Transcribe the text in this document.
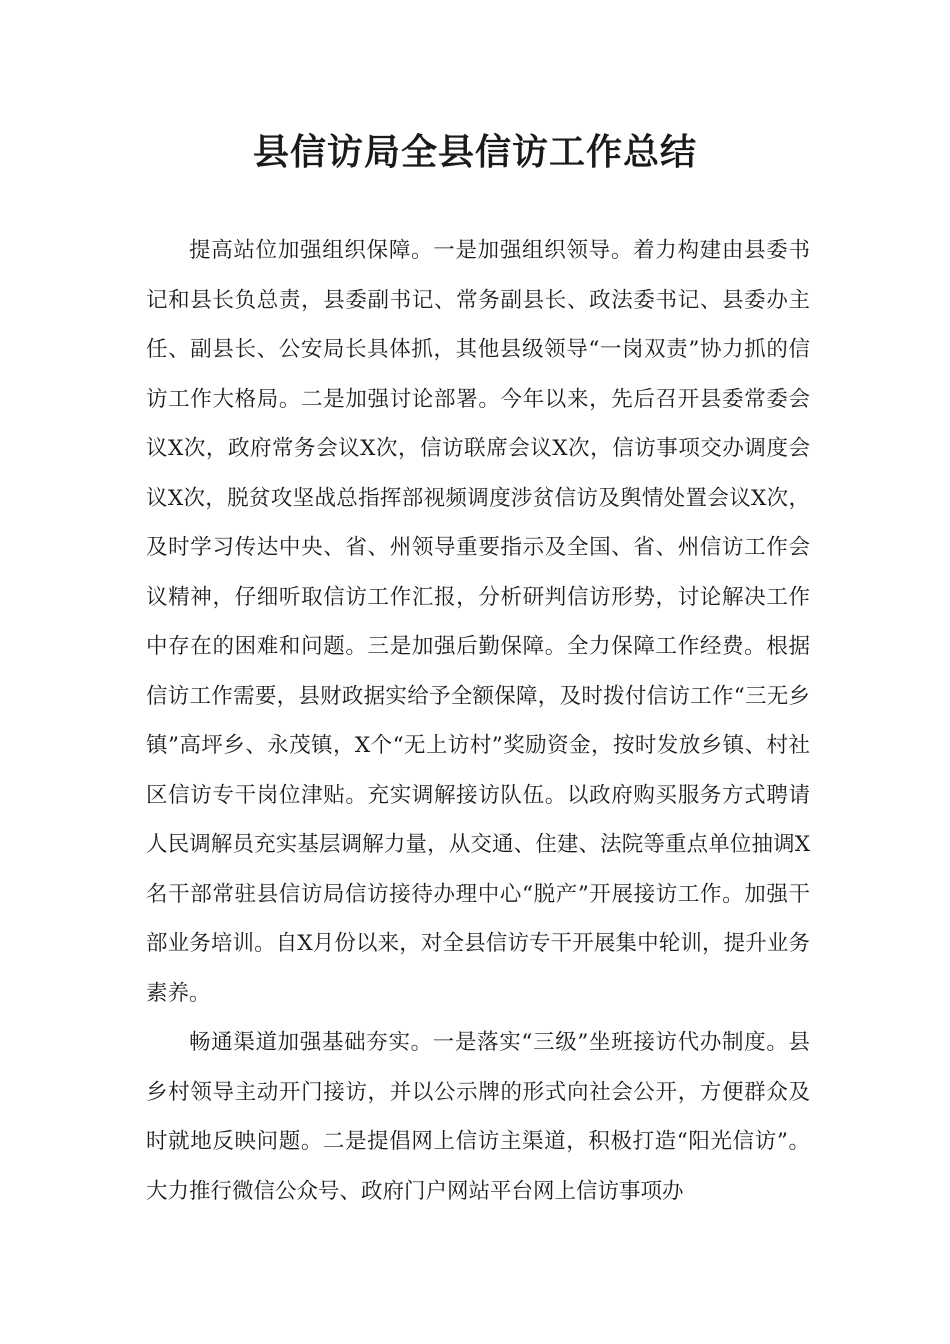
县信访局全县信访工作总结

提高站位加强组织保障。一是加强组织领导。着力构建由县委书记和县长负总责，县委副书记、常务副县长、政法委书记、县委办主任、副县长、公安局长具体抓，其他县级领导“一岗双责”协力抓的信访工作大格局。二是加强讨论部署。今年以来，先后召开县委常委会议X次，政府常务会议X次，信访联席会议X次，信访事项交办调度会议X次，脱贫攻坚战总指挥部视频调度涉贫信访及舆情处置会议X次，及时学习传达中央、省、州领导重要指示及全国、省、州信访工作会议精神，仔细听取信访工作汇报，分析研判信访形势，讨论解决工作中存在的困难和问题。三是加强后勤保障。全力保障工作经费。根据信访工作需要，县财政据实给予全额保障，及时拨付信访工作“三无乡镇”高坪乡、永茂镇，X个“无上访村”奖励资金，按时发放乡镇、村社区信访专干岗位津贴。充实调解接访队伍。以政府购买服务方式聘请人民调解员充实基层调解力量，从交通、住建、法院等重点单位抽调X名干部常驻县信访局信访接待办理中心“脱产”开展接访工作。加强干部业务培训。自X月份以来，对全县信访专干开展集中轮训，提升业务素养。

畅通渠道加强基础夯实。一是落实“三级”坐班接访代办制度。县乡村领导主动开门接访，并以公示牌的形式向社会公开，方便群众及时就地反映问题。二是提倡网上信访主渠道，积极打造“阳光信访”。大力推行微信公众号、政府门户网站平台网上信访事项办
